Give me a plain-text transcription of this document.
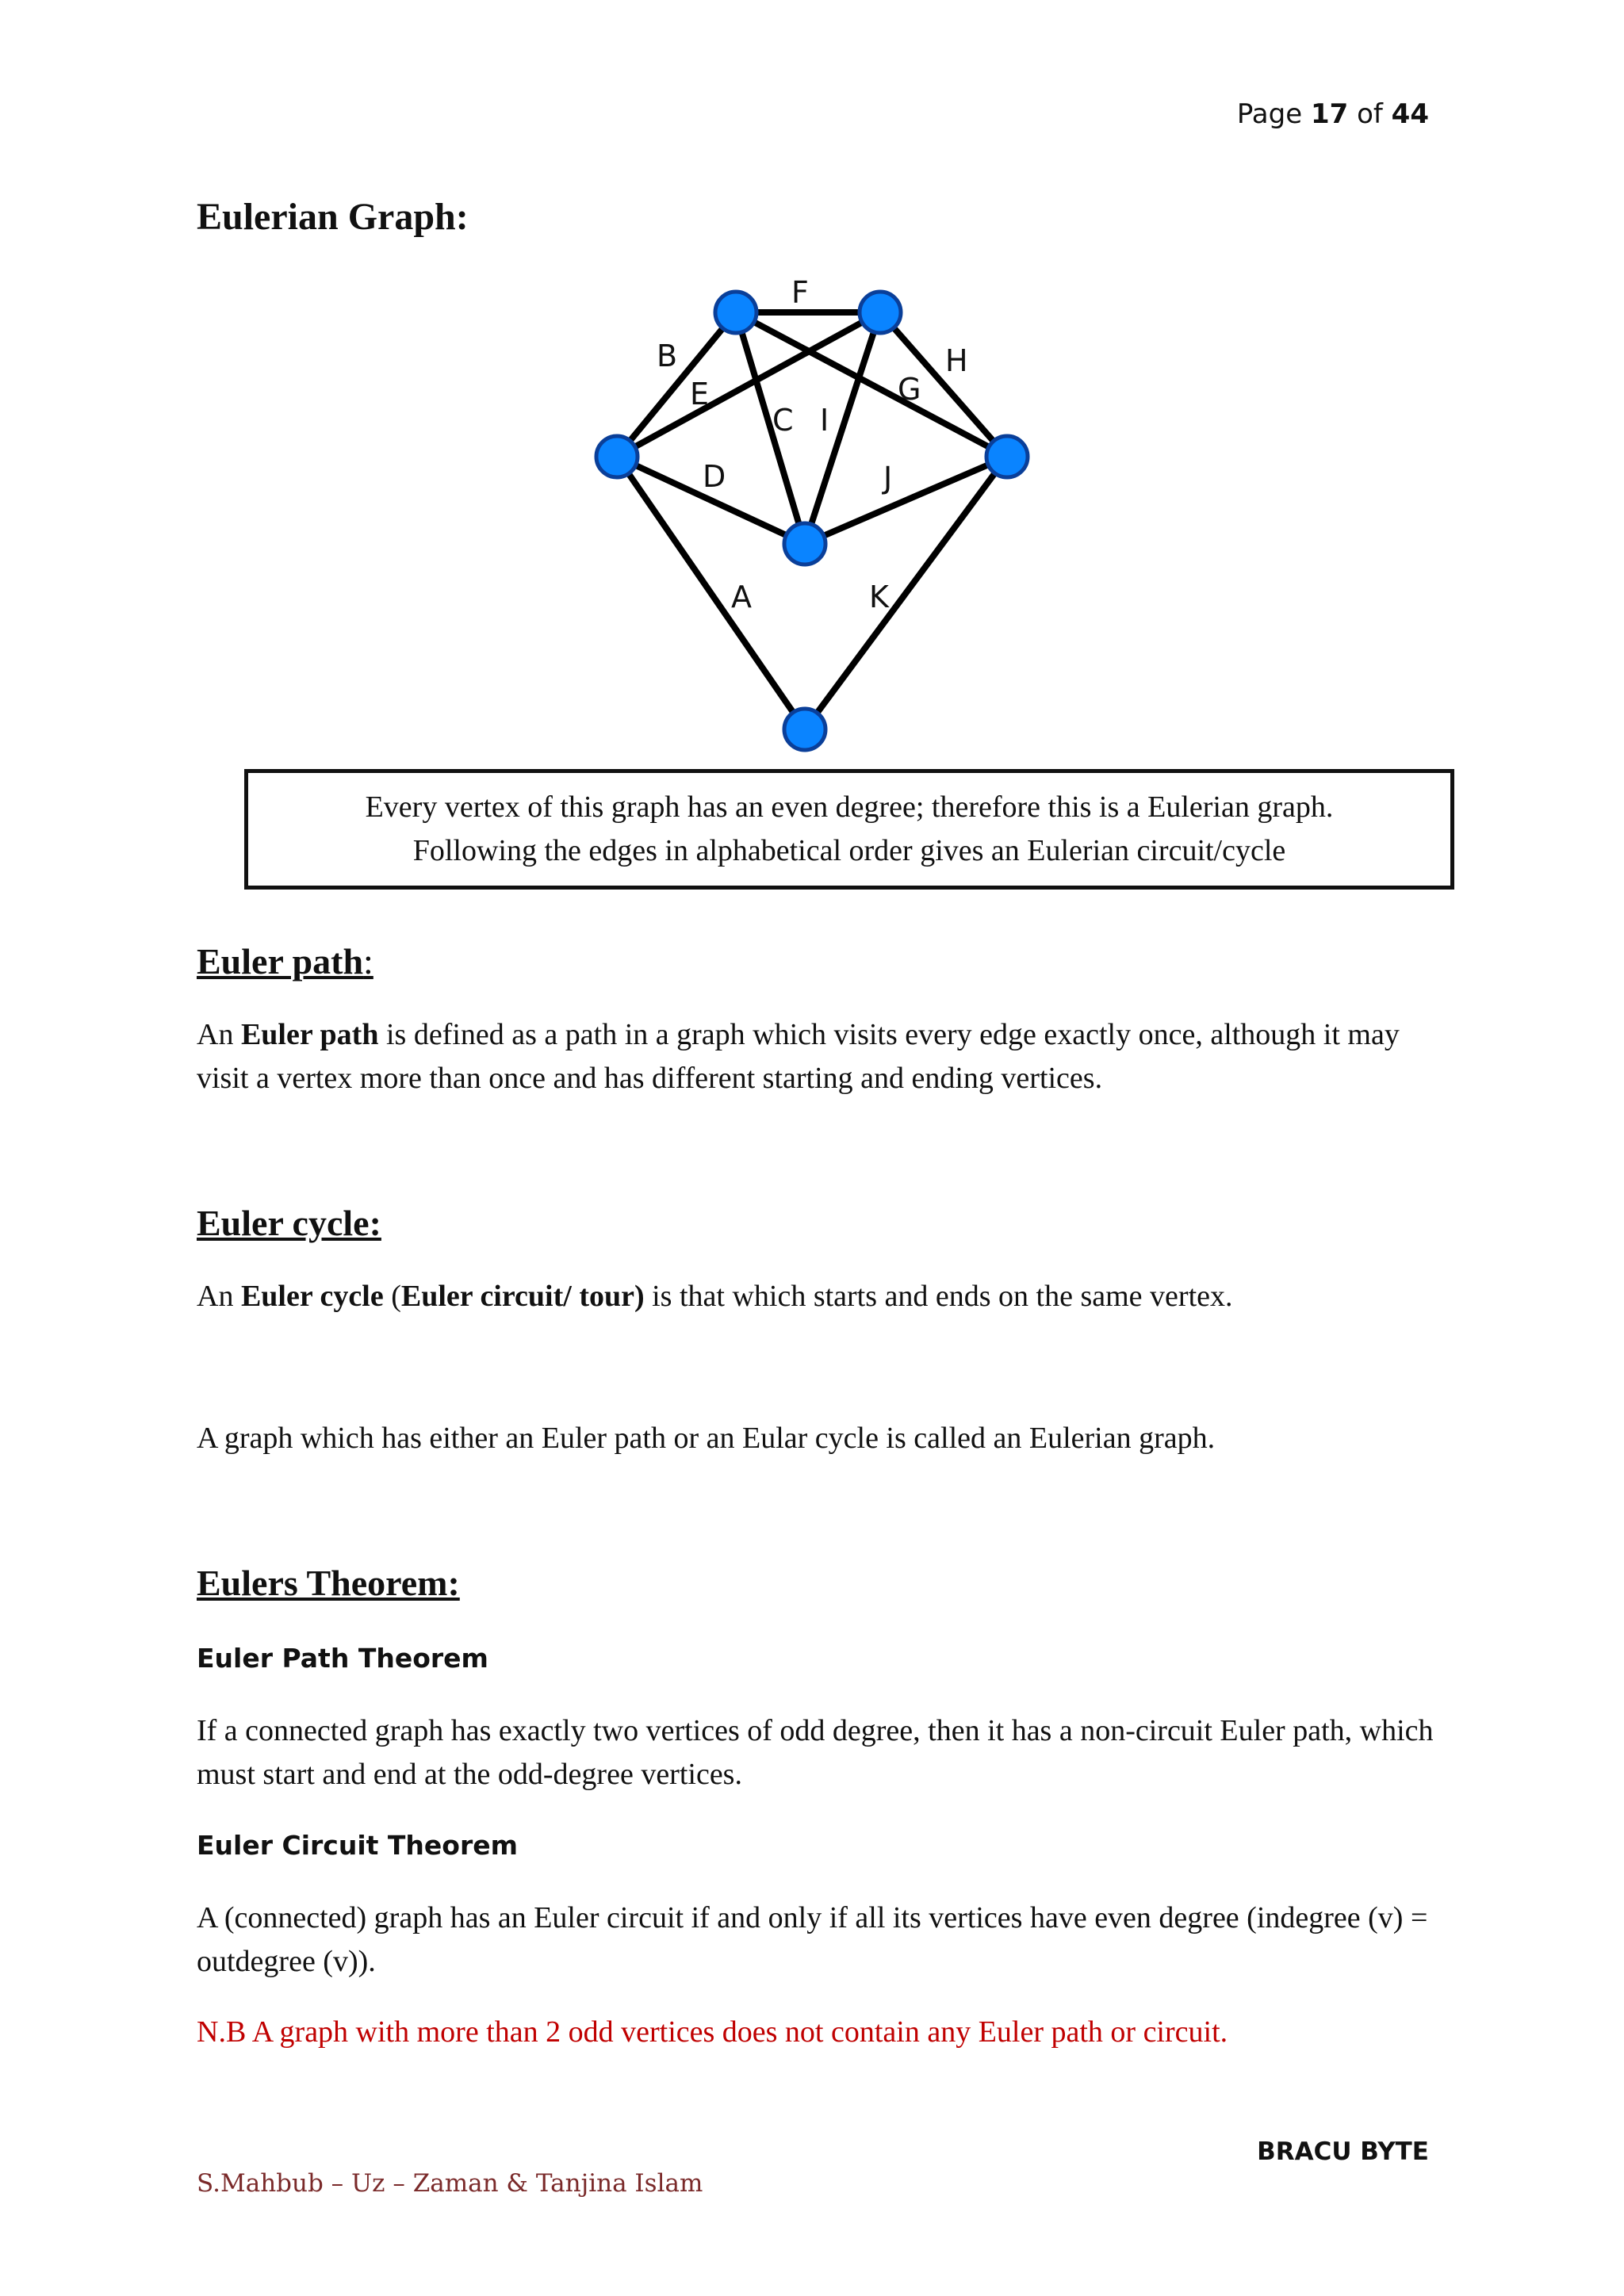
Page 17 of 44
Eulerian Graph:
F
B	H
E	G
C I
D	J
A	K
Every vertex of this graph has an even degree; therefore this is a Eulerian graph.
Following the edges in alphabetical order gives an Eulerian circuit/cycle
Euler path:

An Euler path is defined as a path in a graph which visits every edge exactly once, although it may visit a vertex more than once and has different starting and ending vertices.

Euler cycle:

An Euler cycle (Euler circuit/ tour) is that which starts and ends on the same vertex.

A graph which has either an Euler path or an Eular cycle is called an Eulerian graph.

Eulers Theorem:
Euler Path Theorem

If a connected graph has exactly two vertices of odd degree, then it has a non-circuit Euler path, which must start and end at the odd-degree vertices.

Euler Circuit Theorem

A (connected) graph has an Euler circuit if and only if all its vertices have even degree (indegree (v) = outdegree (v)).

N.B A graph with more than 2 odd vertices does not contain any Euler path or circuit.

BRACU BYTE
S.Mahbub – Uz – Zaman & Tanjina Islam
